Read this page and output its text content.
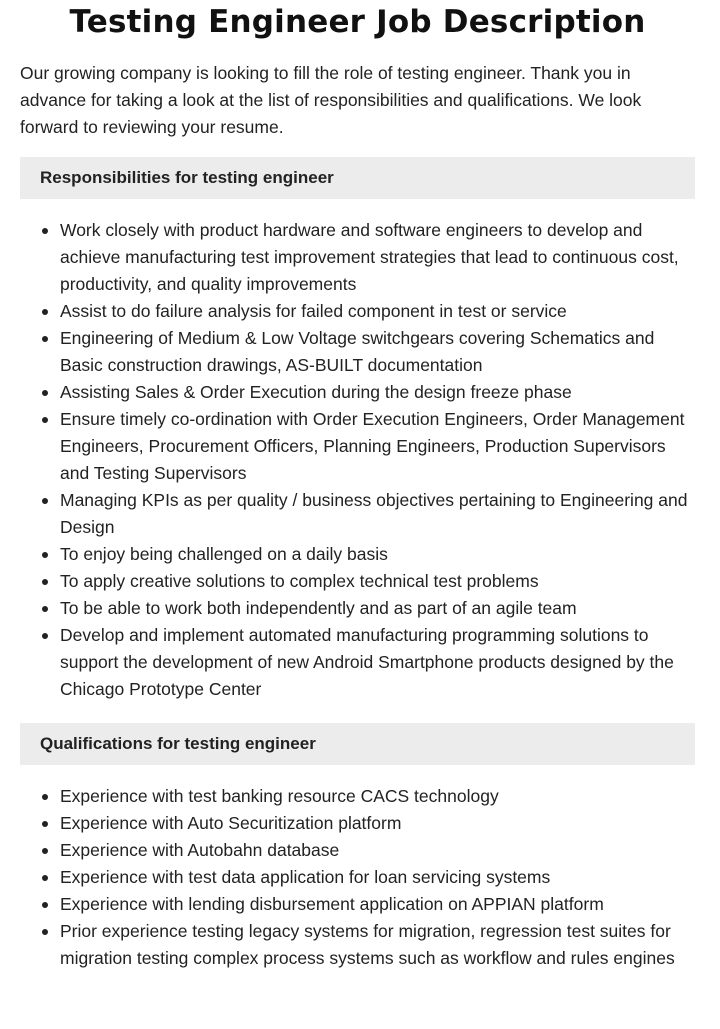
Testing Engineer Job Description

Our growing company is looking to fill the role of testing engineer. Thank you in advance for taking a look at the list of responsibilities and qualifications. We look forward to reviewing your resume.

Responsibilities for testing engineer
Work closely with product hardware and software engineers to develop and achieve manufacturing test improvement strategies that lead to continuous cost, productivity, and quality improvements
Assist to do failure analysis for failed component in test or service
Engineering of Medium & Low Voltage switchgears covering Schematics and Basic construction drawings, AS-BUILT documentation
Assisting Sales & Order Execution during the design freeze phase
Ensure timely co-ordination with Order Execution Engineers, Order Management Engineers, Procurement Officers, Planning Engineers, Production Supervisors and Testing Supervisors
Managing KPIs as per quality / business objectives pertaining to Engineering and Design
To enjoy being challenged on a daily basis
To apply creative solutions to complex technical test problems
To be able to work both independently and as part of an agile team
Develop and implement automated manufacturing programming solutions to support the development of new Android Smartphone products designed by the Chicago Prototype Center
Qualifications for testing engineer
Experience with test banking resource CACS technology
Experience with Auto Securitization platform
Experience with Autobahn database
Experience with test data application for loan servicing systems
Experience with lending disbursement application on APPIAN platform
Prior experience testing legacy systems for migration, regression test suites for migration testing complex process systems such as workflow and rules engines
